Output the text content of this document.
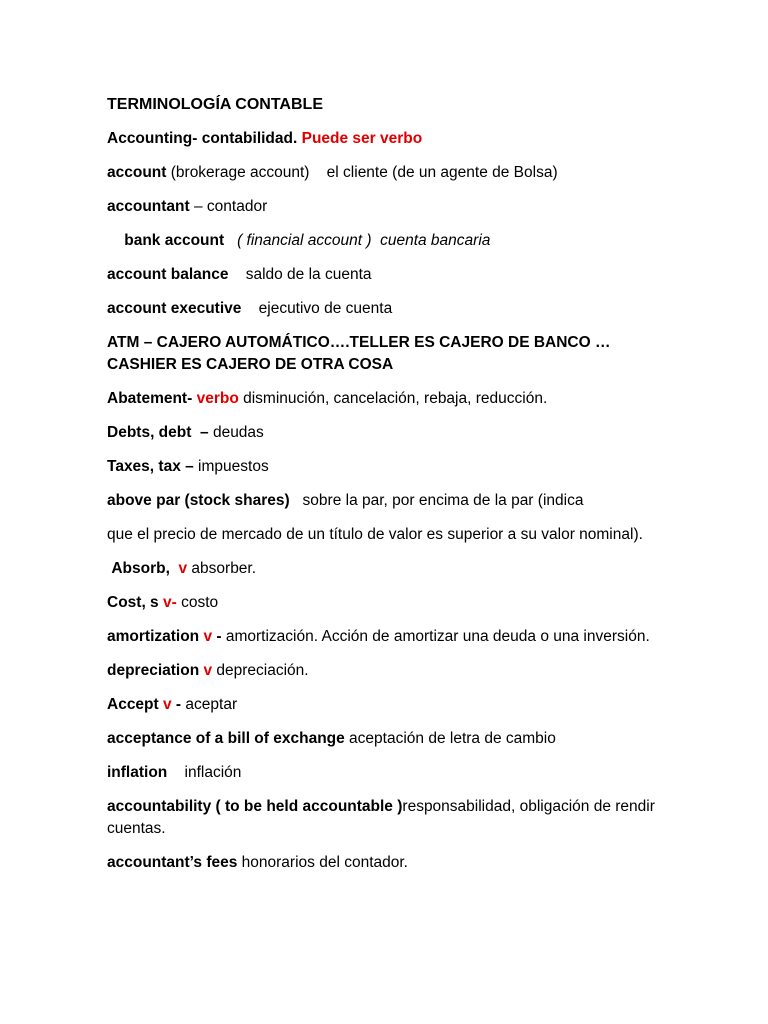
TERMINOLOGÍA CONTABLE
Accounting- contabilidad. Puede ser verbo
account (brokerage account)    el cliente (de un agente de Bolsa)
accountant – contador
bank account   ( financial account )  cuenta bancaria
account balance    saldo de la cuenta
account executive    ejecutivo de cuenta
ATM – CAJERO AUTOMÁTICO….TELLER ES CAJERO DE BANCO …CASHIER ES CAJERO DE OTRA COSA
Abatement- verbo disminución, cancelación, rebaja, reducción.
Debts, debt  – deudas
Taxes, tax – impuestos
above par (stock shares)   sobre la par, por encima de la par (indica
que el precio de mercado de un título de valor es superior a su valor nominal).
Absorb,  v absorber.
Cost, s v- costo
amortization v - amortización. Acción de amortizar una deuda o una inversión.
depreciation v depreciación.
Accept v - aceptar
acceptance of a bill of exchange aceptación de letra de cambio
inflation    inflación
accountability ( to be held accountable )responsabilidad, obligación de rendir cuentas.
accountant’s fees honorarios del contador.
